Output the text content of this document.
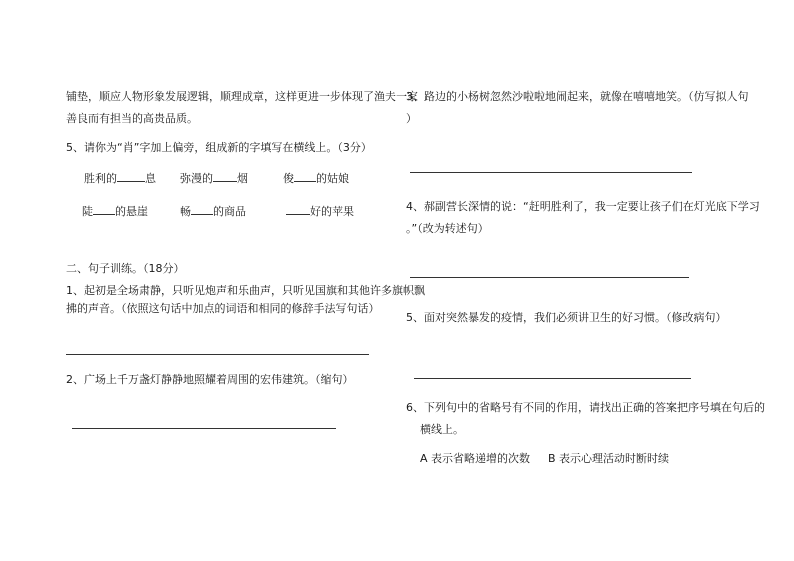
铺垫，顺应人物形象发展逻辑，顺理成章，这样更进一步体现了渔夫一家
善良而有担当的高贵品质。
5、请你为“肖”字加上偏旁，组成新的字填写在横线上。（3分）
胜利的	息 弥漫的 烟	俊 的姑娘
陡 的悬崖	畅 的商品	好的苹果
二、句子训练。（18分）
1、起初是全场肃静，只听见炮声和乐曲声，只听见国旗和其他许多旗帜飘
拂的声音。（依照这句话中加点的词语和相同的修辞手法写句话）
2、广场上千万盏灯静静地照耀着周围的宏伟建筑。（缩句）
3、路边的小杨树忽然沙啦啦地闹起来，就像在嘻嘻地笑。（仿写拟人句
）
4、郝副营长深情的说：“赶明胜利了，我一定要让孩子们在灯光底下学习
。”（改为转述句）
5、面对突然暴发的疫情，我们必须讲卫生的好习惯。（修改病句）
6、下列句中的省略号有不同的作用，请找出正确的答案把序号填在句后的
横线上。
A 表示省略递增的次数 B 表示心理活动时断时续
